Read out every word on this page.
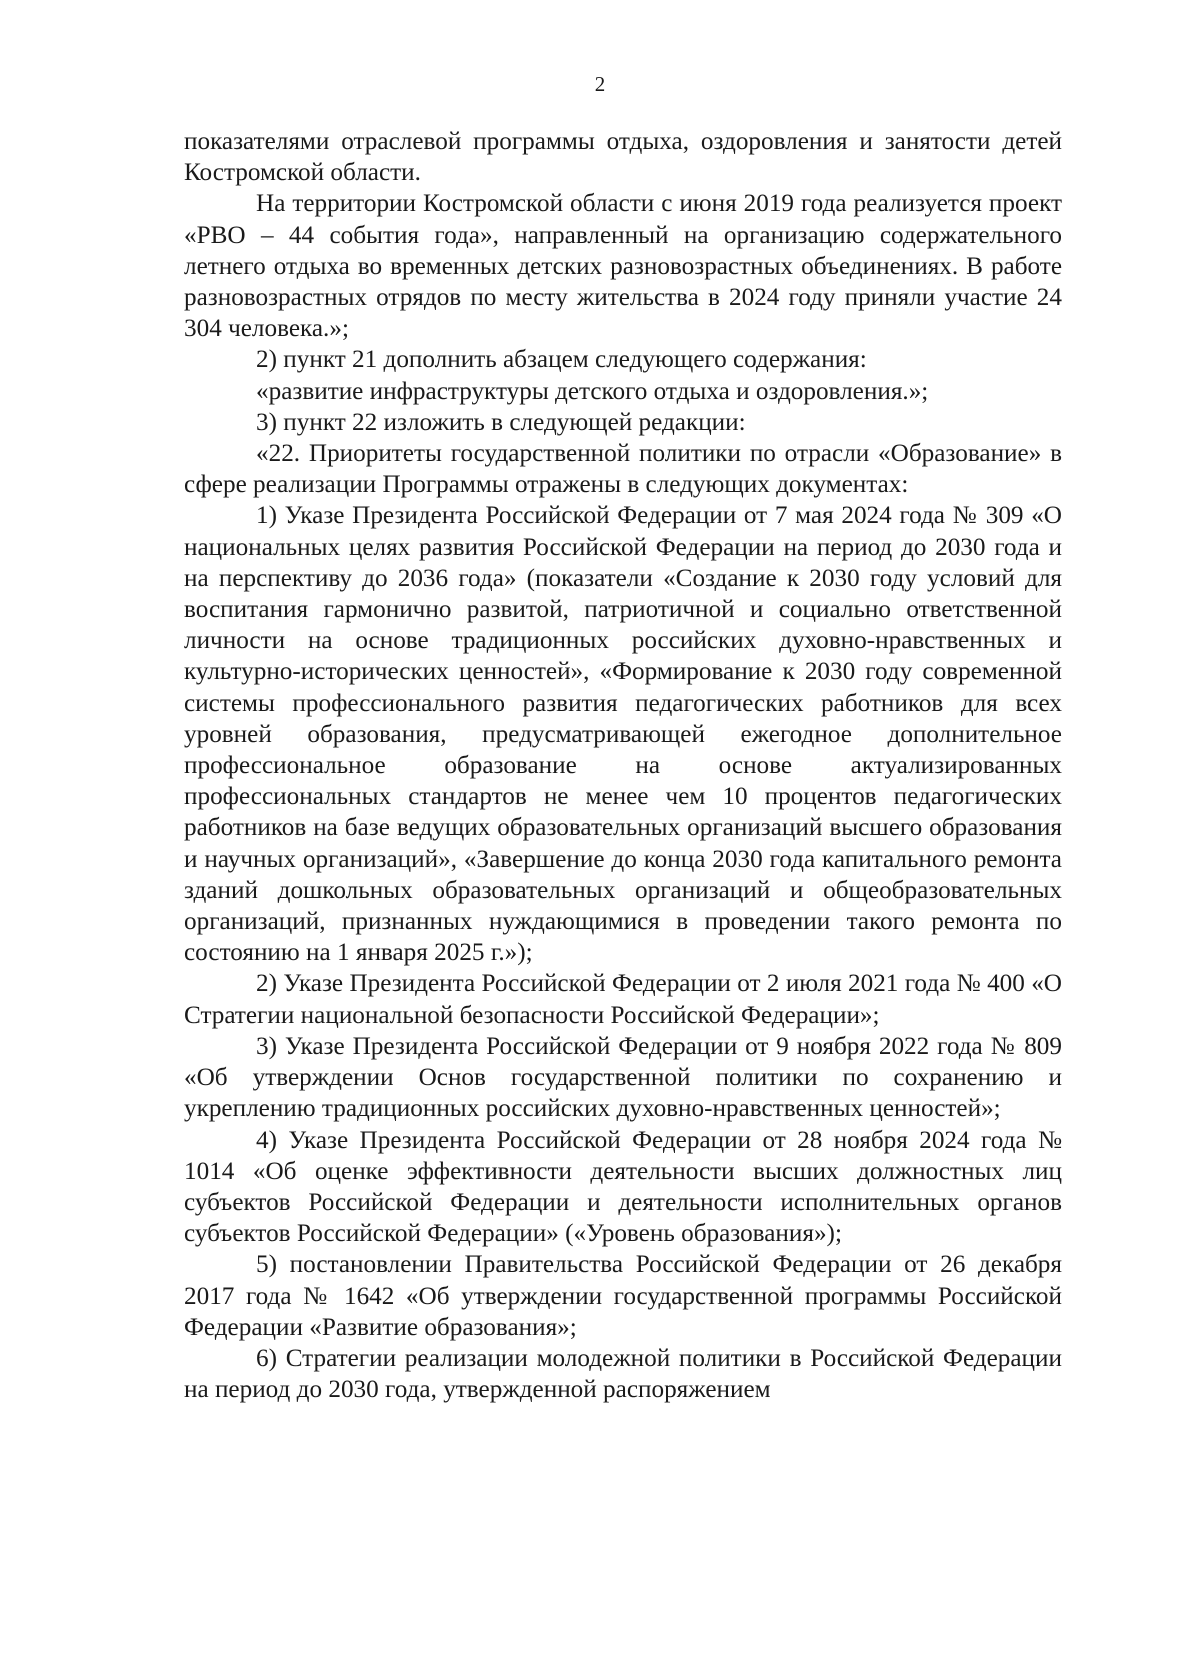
2

показателями отраслевой программы отдыха, оздоровления и занятости детей Костромской области.

На территории Костромской области с июня 2019 года реализуется проект «РВО – 44 события года», направленный на организацию содержательного летнего отдыха во временных детских разновозрастных объединениях. В работе разновозрастных отрядов по месту жительства в 2024 году приняли участие 24 304 человека.»;

2) пункт 21 дополнить абзацем следующего содержания:

«развитие инфраструктуры детского отдыха и оздоровления.»;

3) пункт 22 изложить в следующей редакции:

«22. Приоритеты государственной политики по отрасли «Образование» в сфере реализации Программы отражены в следующих документах:

1) Указе Президента Российской Федерации от 7 мая 2024 года № 309 «О национальных целях развития Российской Федерации на период до 2030 года и на перспективу до 2036 года» (показатели «Создание к 2030 году условий для воспитания гармонично развитой, патриотичной и социально ответственной личности на основе традиционных российских духовно-нравственных и культурно-исторических ценностей», «Формирование к 2030 году современной системы профессионального развития педагогических работников для всех уровней образования, предусматривающей ежегодное дополнительное профессиональное образование на основе актуализированных профессиональных стандартов не менее чем 10 процентов педагогических работников на базе ведущих образовательных организаций высшего образования и научных организаций», «Завершение до конца 2030 года капитального ремонта зданий дошкольных образовательных организаций и общеобразовательных организаций, признанных нуждающимися в проведении такого ремонта по состоянию на 1 января 2025 г.»);

2) Указе Президента Российской Федерации от 2 июля 2021 года № 400 «О Стратегии национальной безопасности Российской Федерации»;

3) Указе Президента Российской Федерации от 9 ноября 2022 года № 809 «Об утверждении Основ государственной политики по сохранению и укреплению традиционных российских духовно-нравственных ценностей»;

4) Указе Президента Российской Федерации от 28 ноября 2024 года № 1014 «Об оценке эффективности деятельности высших должностных лиц субъектов Российской Федерации и деятельности исполнительных органов субъектов Российской Федерации» («Уровень образования»);

5) постановлении Правительства Российской Федерации от 26 декабря 2017 года № 1642 «Об утверждении государственной программы Российской Федерации «Развитие образования»;

6) Стратегии реализации молодежной политики в Российской Федерации на период до 2030 года, утвержденной распоряжением
